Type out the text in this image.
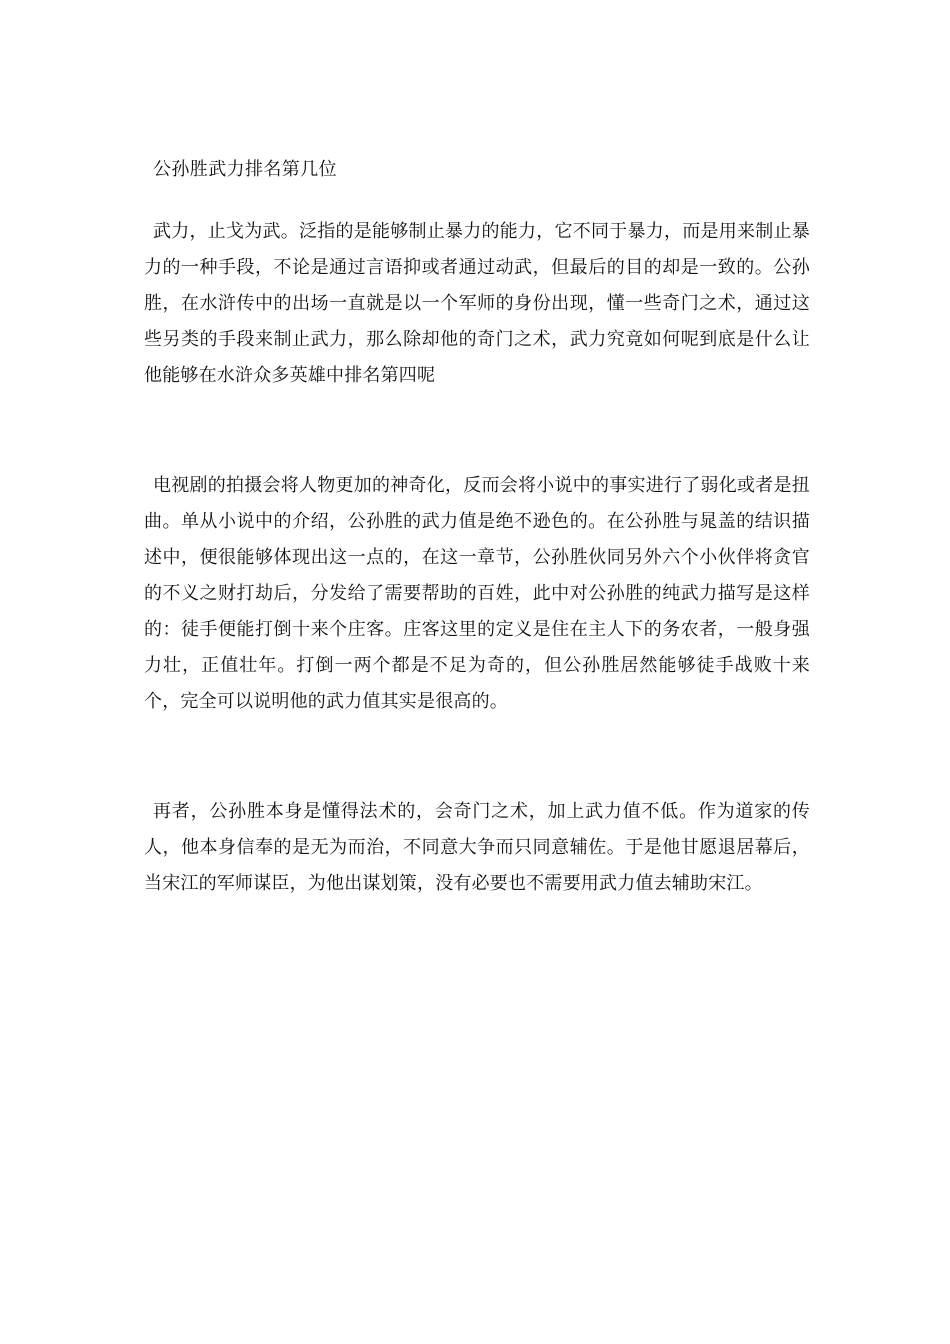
公孙胜武力排名第几位

武力，止戈为武。泛指的是能够制止暴力的能力，它不同于暴力，而是用来制止暴力的一种手段，不论是通过言语抑或者通过动武，但最后的目的却是一致的。公孙胜，在水浒传中的出场一直就是以一个军师的身份出现，懂一些奇门之术，通过这些另类的手段来制止武力，那么除却他的奇门之术，武力究竟如何呢到底是什么让他能够在水浒众多英雄中排名第四呢

电视剧的拍摄会将人物更加的神奇化，反而会将小说中的事实进行了弱化或者是扭曲。单从小说中的介绍，公孙胜的武力值是绝不逊色的。在公孙胜与晁盖的结识描述中，便很能够体现出这一点的，在这一章节，公孙胜伙同另外六个小伙伴将贪官的不义之财打劫后，分发给了需要帮助的百姓，此中对公孙胜的纯武力描写是这样的：徒手便能打倒十来个庄客。庄客这里的定义是住在主人下的务农者，一般身强力壮，正值壮年。打倒一两个都是不足为奇的，但公孙胜居然能够徒手战败十来个，完全可以说明他的武力值其实是很高的。

再者，公孙胜本身是懂得法术的，会奇门之术，加上武力值不低。作为道家的传人，他本身信奉的是无为而治，不同意大争而只同意辅佐。于是他甘愿退居幕后，当宋江的军师谋臣，为他出谋划策，没有必要也不需要用武力值去辅助宋江。
